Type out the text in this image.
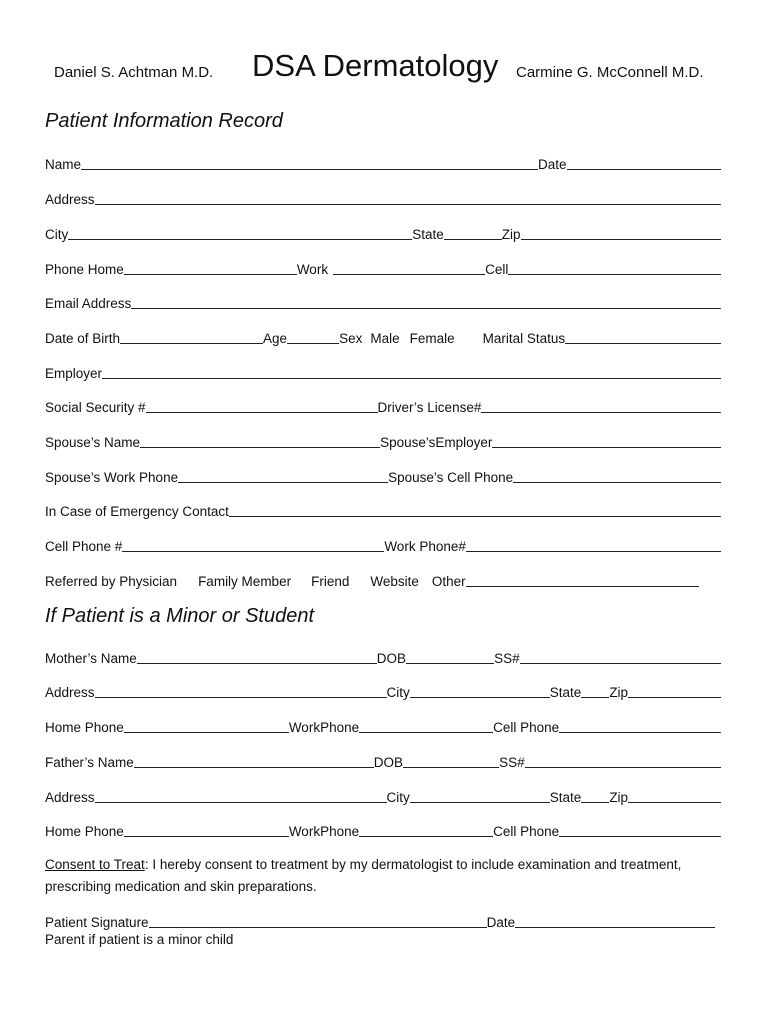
Daniel S. Achtman M.D. DSA Dermatology Carmine G. McConnell M.D.
Patient Information Record
Name	Date
Address
City	State	Zip
Phone Home	Work	Cell
Email Address
Date of Birth	Age	Sex Male Female Marital Status
Employer
Social Security #	Driver’s License#
Spouse’s Name	Spouse’sEmployer
Spouse’s Work Phone	Spouse’s Cell Phone
In Case of Emergency Contact
Cell Phone #	Work Phone#
Referred by Physician Family Member Friend Website Other
If Patient is a Minor or Student
Mother’s Name	DOB	SS#
Address	City	State Zip
Home Phone	WorkPhone	Cell Phone
Father’s Name	DOB	SS#
Address	City	State Zip
Home Phone	WorkPhone	Cell Phone
Consent to Treat: I hereby consent to treatment by my dermatologist to include examination and treatment, prescribing medication and skin preparations.
Patient Signature	Date
Parent if patient is a minor child
